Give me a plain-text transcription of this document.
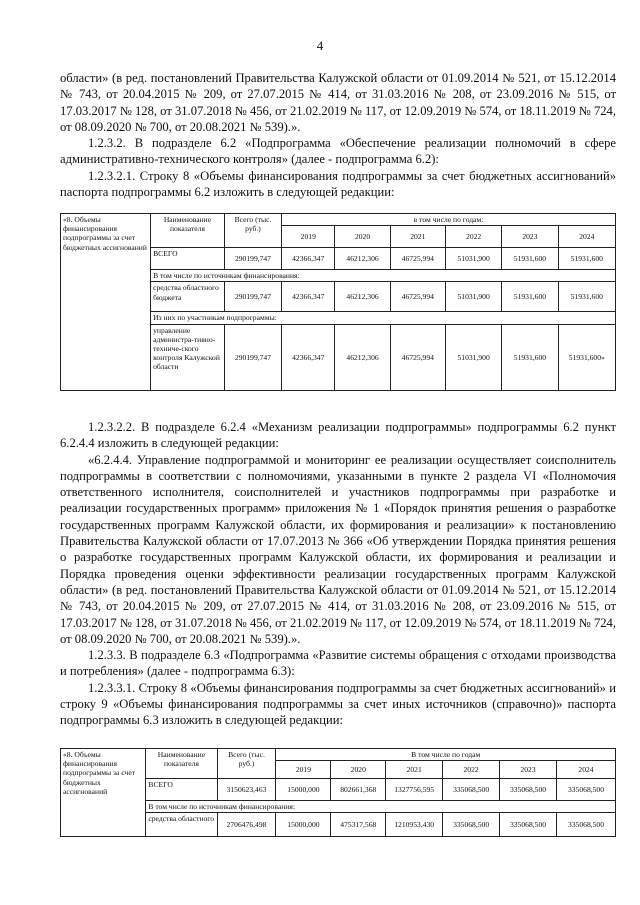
4

области» (в ред. постановлений Правительства Калужской области от 01.09.2014 № 521, от 15.12.2014 № 743, от 20.04.2015 № 209, от 27.07.2015 № 414, от 31.03.2016 № 208, от 23.09.2016 № 515, от 17.03.2017 № 128, от 31.07.2018 № 456, от 21.02.2019 № 117, от 12.09.2019 № 574, от 18.11.2019 № 724, от 08.09.2020 № 700, от 20.08.2021 № 539).».

1.2.3.2. В подразделе 6.2 «Подпрограмма «Обеспечение реализации полномочий в сфере административно-технического контроля» (далее - подпрограмма 6.2):

1.2.3.2.1. Строку 8 «Объемы финансирования подпрограммы за счет бюджетных ассигнований» паспорта подпрограммы 6.2 изложить в следующей редакции:

«8. Объемы финансирования подпрограммы за счет бюджетных ассигнований	Наименование показателя	Всего (тыс. руб.)	в том числе по годам:					
			2019	2020	2021	2022	2023	2024
	ВСЕГО	290199,747	42366,347	46212,306	46725,994	51031,900	51931,600	51931,600
	В том числе по источникам финансирования:							
	средства областного бюджета	290199,747	42366,347	46212,306	46725,994	51031,900	51931,600	51931,600
	Из них по участникам подпрограммы:							
	управление администра-тивно-техниче-ского контроля Калужской области	290199,747	42366,347	46212,306	46725,994	51031,900	51931,600	51931,600»

1.2.3.2.2. В подразделе 6.2.4 «Механизм реализации подпрограммы» подпрограммы 6.2 пункт 6.2.4.4 изложить в следующей редакции:

«6.2.4.4. Управление подпрограммой и мониторинг ее реализации осуществляет соисполнитель подпрограммы в соответствии с полномочиями, указанными в пункте 2 раздела VI «Полномочия ответственного исполнителя, соисполнителей и участников подпрограммы при разработке и реализации государственных программ» приложения № 1 «Порядок принятия решения о разработке государственных программ Калужской области, их формирования и реализации» к постановлению Правительства Калужской области от 17.07.2013 № 366 «Об утверждении Порядка принятия решения о разработке государственных программ Калужской области, их формирования и реализации и Порядка проведения оценки эффективности реализации государственных программ Калужской области» (в ред. постановлений Правительства Калужской области от 01.09.2014 № 521, от 15.12.2014 № 743, от 20.04.2015 № 209, от 27.07.2015 № 414, от 31.03.2016 № 208, от 23.09.2016 № 515, от 17.03.2017 № 128, от 31.07.2018 № 456, от 21.02.2019 № 117, от 12.09.2019 № 574, от 18.11.2019 № 724, от 08.09.2020 № 700, от 20.08.2021 № 539).».

1.2.3.3. В подразделе 6.3 «Подпрограмма «Развитие системы обращения с отходами производства и потребления» (далее - подпрограмма 6.3):

1.2.3.3.1. Строку 8 «Объемы финансирования подпрограммы за счет бюджетных ассигнований» и строку 9 «Объемы финансирования подпрограммы за счет иных источников (справочно)» паспорта подпрограммы 6.3 изложить в следующей редакции:

«8. Объемы финансирования подпрограммы за счет бюджетных ассигнований	Наименование показателя	Всего (тыс. руб.)	В том числе по годам					
			2019	2020	2021	2022	2023	2024
	ВСЕГО	3150623,463	15000,000	802661,368	1327756,595	335068,500	335068,500	335068,500
	В том числе по источникам финансирования:							
	средства областного	2706476,498	15000,000	475317,568	1210953,430	335068,500	335068,500	335068,500
